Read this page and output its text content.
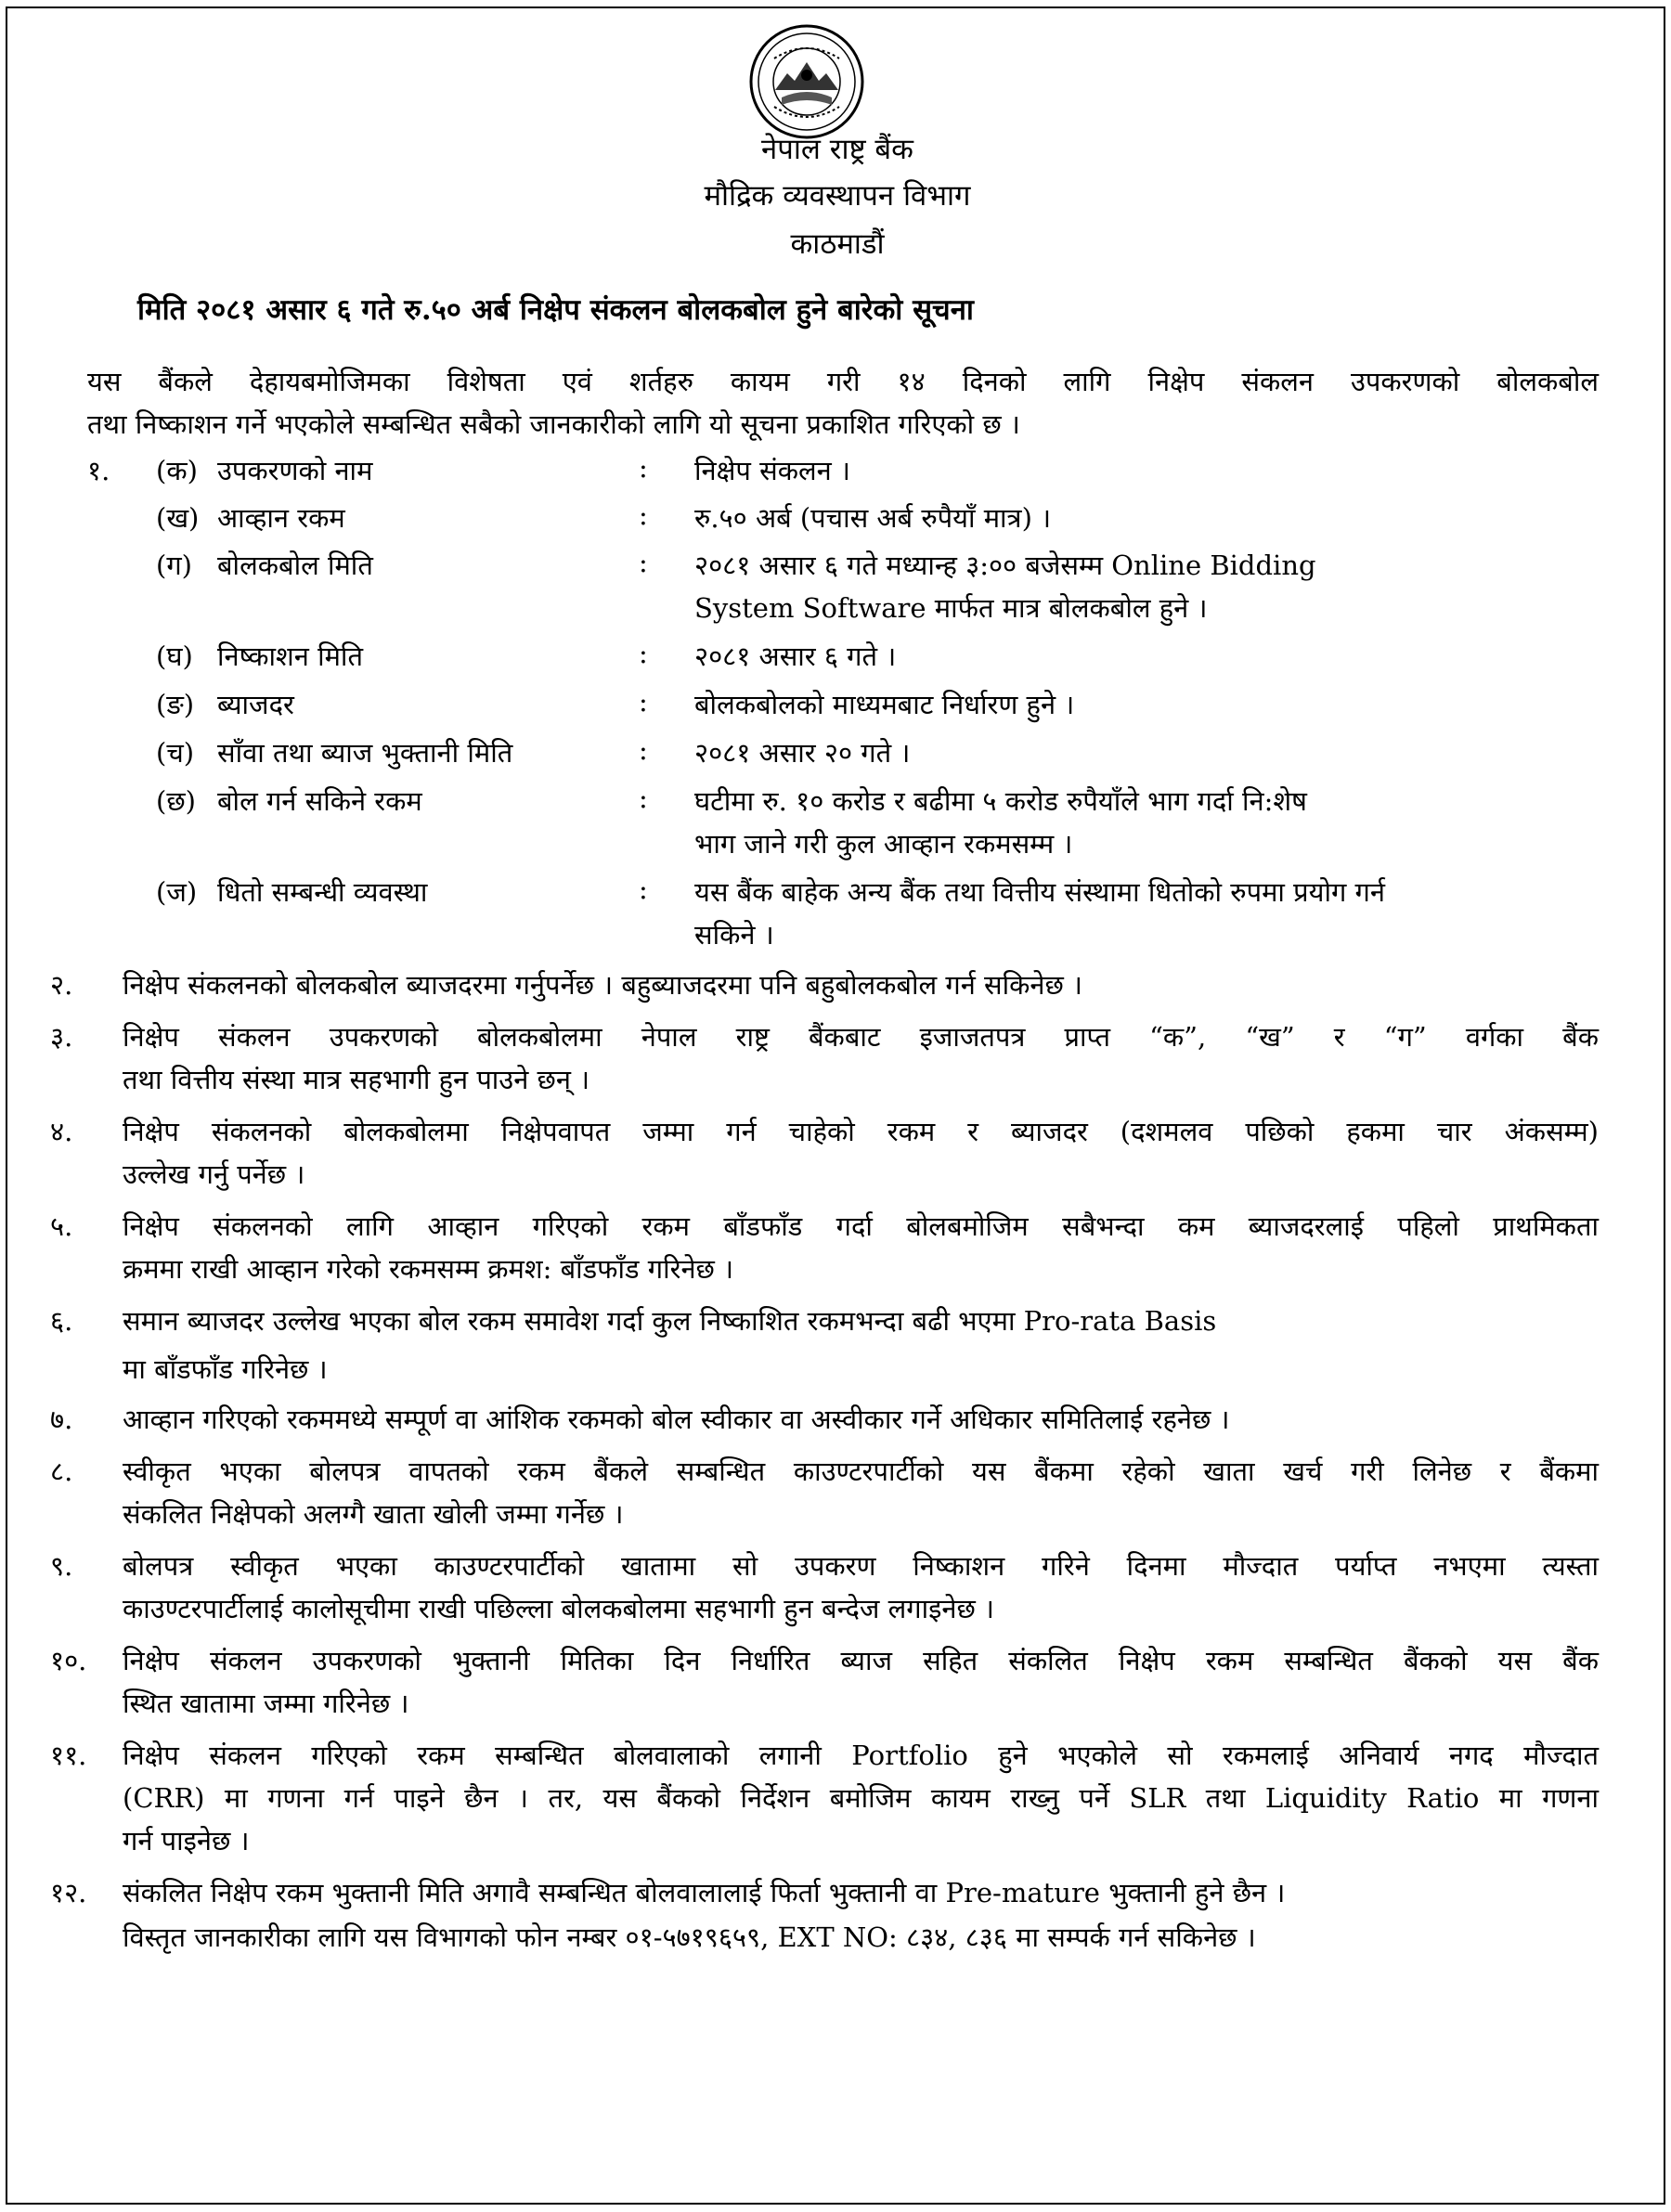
नेपाल राष्ट्र बैंक
मौद्रिक व्यवस्थापन विभाग
काठमाडौं
मिति २०८१ असार ६ गते रु.५० अर्ब निक्षेप संकलन बोलकबोल हुने बारेको सूचना
यस बैंकले देहायबमोजिमका विशेषता एवं शर्तहरु कायम गरी १४ दिनको लागि निक्षेप संकलन उपकरणको बोलकबोल
तथा निष्काशन गर्ने भएकोले सम्बन्धित सबैको जानकारीको लागि यो सूचना प्रकाशित गरिएको छ ।
१. (क) उपकरणको नाम	: निक्षेप संकलन ।
(ख) आव्हान रकम	: रु.५० अर्ब (पचास अर्ब रुपैयाँ मात्र) ।
(ग) बोलकबोल मिति	: २०८१ असार ६ गते मध्यान्ह ३:०० बजेसम्म Online Bidding
System Software मार्फत मात्र बोलकबोल हुने ।
(घ) निष्काशन मिति	: २०८१ असार ६ गते ।
(ङ) ब्याजदर	: बोलकबोलको माध्यमबाट निर्धारण हुने ।
(च) साँवा तथा ब्याज भुक्तानी मिति	: २०८१ असार २० गते ।
(छ) बोल गर्न सकिने रकम	: घटीमा रु. १० करोड र बढीमा ५ करोड रुपैयाँले भाग गर्दा नि:शेष
भाग जाने गरी कुल आव्हान रकमसम्म ।
(ज) धितो सम्बन्धी व्यवस्था	: यस बैंक बाहेक अन्य बैंक तथा वित्तीय संस्थामा धितोको रुपमा प्रयोग गर्न
सकिने ।
२. निक्षेप संकलनको बोलकबोल ब्याजदरमा गर्नुपर्नेछ । बहुब्याजदरमा पनि बहुबोलकबोल गर्न सकिनेछ ।
३. निक्षेप संकलन उपकरणको बोलकबोलमा नेपाल राष्ट्र बैंकबाट इजाजतपत्र प्राप्त “क”, “ख” र “ग” वर्गका बैंक
तथा वित्तीय संस्था मात्र सहभागी हुन पाउने छन् ।
४. निक्षेप संकलनको बोलकबोलमा निक्षेपवापत जम्मा गर्न चाहेको रकम र ब्याजदर (दशमलव पछिको हकमा चार अंकसम्म)
उल्लेख गर्नु पर्नेछ ।
५. निक्षेप संकलनको लागि आव्हान गरिएको रकम बाँडफाँड गर्दा बोलबमोजिम सबैभन्दा कम ब्याजदरलाई पहिलो प्राथमिकता
क्रममा राखी आव्हान गरेको रकमसम्म क्रमश: बाँडफाँड गरिनेछ ।
६. समान ब्याजदर उल्लेख भएका बोल रकम समावेश गर्दा कुल निष्काशित रकमभन्दा बढी भएमा Pro-rata Basis
मा बाँडफाँड गरिनेछ ।
७. आव्हान गरिएको रकममध्ये सम्पूर्ण वा आंशिक रकमको बोल स्वीकार वा अस्वीकार गर्ने अधिकार समितिलाई रहनेछ ।
८. स्वीकृत भएका बोलपत्र वापतको रकम बैंकले सम्बन्धित काउण्टरपार्टीको यस बैंकमा रहेको खाता खर्च गरी लिनेछ र बैंकमा
संकलित निक्षेपको अलग्गै खाता खोली जम्मा गर्नेछ ।
९. बोलपत्र स्वीकृत भएका काउण्टरपार्टीको खातामा सो उपकरण निष्काशन गरिने दिनमा मौज्दात पर्याप्त नभएमा त्यस्ता
काउण्टरपार्टीलाई कालोसूचीमा राखी पछिल्ला बोलकबोलमा सहभागी हुन बन्देज लगाइनेछ ।
१०. निक्षेप संकलन उपकरणको भुक्तानी मितिका दिन निर्धारित ब्याज सहित संकलित निक्षेप रकम सम्बन्धित बैंकको यस बैंक
स्थित खातामा जम्मा गरिनेछ ।
११. निक्षेप संकलन गरिएको रकम सम्बन्धित बोलवालाको लगानी Portfolio हुने भएकोले सो रकमलाई अनिवार्य नगद मौज्दात
(CRR) मा गणना गर्न पाइने छैन । तर, यस बैंकको निर्देशन बमोजिम कायम राख्नु पर्ने SLR तथा Liquidity Ratio मा गणना
गर्न पाइनेछ ।
१२. संकलित निक्षेप रकम भुक्तानी मिति अगावै सम्बन्धित बोलवालालाई फिर्ता भुक्तानी वा Pre-mature भुक्तानी हुने छैन ।
विस्तृत जानकारीका लागि यस विभागको फोन नम्बर ०१-५७१९६५९, EXT NO: ८३४, ८३६ मा सम्पर्क गर्न सकिनेछ ।
